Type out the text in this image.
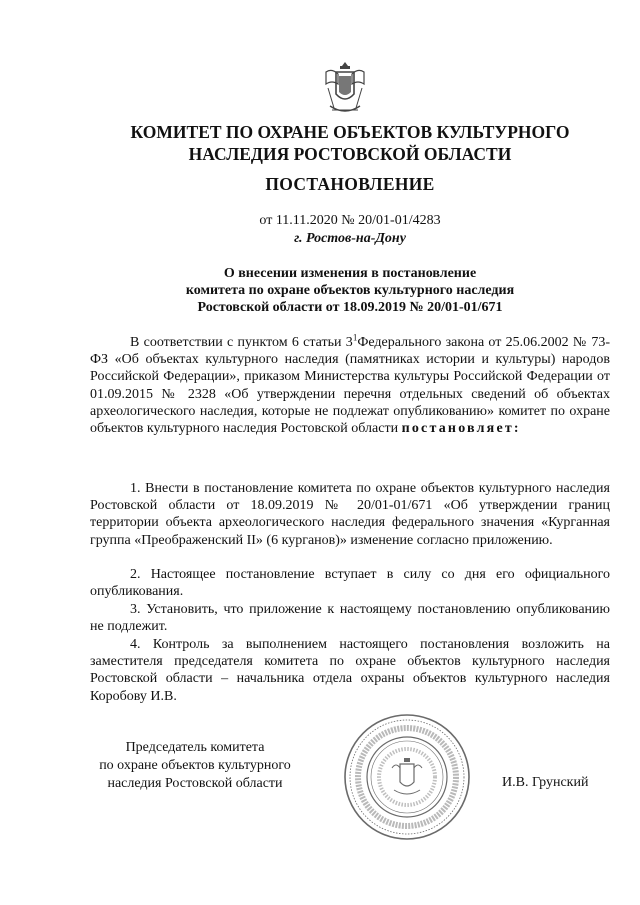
КОМИТЕТ ПО ОХРАНЕ ОБЪЕКТОВ КУЛЬТУРНОГО
НАСЛЕДИЯ РОСТОВСКОЙ ОБЛАСТИ
ПОСТАНОВЛЕНИЕ
от 11.11.2020 № 20/01-01/4283
г. Ростов-на-Дону
О внесении изменения в постановление
комитета по охране объектов культурного наследия
Ростовской области от 18.09.2019 № 20/01-01/671
В соответствии с пунктом 6 статьи $3^1Федерального$ закона от 25.06.2002 № 73-ФЗ «Об объектах культурного наследия (памятниках истории и культуры) народов Российской Федерации», приказом Министерства культуры Российской Федерации от 01.09.2015 № 2328 «Об утверждении перечня отдельных сведений об объектах археологического наследия, которые не подлежат опубликованию» комитет по охране объектов культурного наследия Ростовской области постановляет:
1. Внести в постановление комитета по охране объектов культурного наследия Ростовской области от 18.09.2019 № 20/01-01/671 «Об утверждении границ территории объекта археологического наследия федерального значения «Курганная группа «Преображенский II» (6 курганов)» изменение согласно приложению.
2. Настоящее постановление вступает в силу со дня его официального опубликования.
3. Установить, что приложение к настоящему постановлению опубликованию не подлежит.
4. Контроль за выполнением настоящего постановления возложить на заместителя председателя комитета по охране объектов культурного наследия Ростовской области – начальника отдела охраны объектов культурного наследия Коробову И.В.
Председатель комитета
по охране объектов культурного
наследия Ростовской области	И.В. Грунский
